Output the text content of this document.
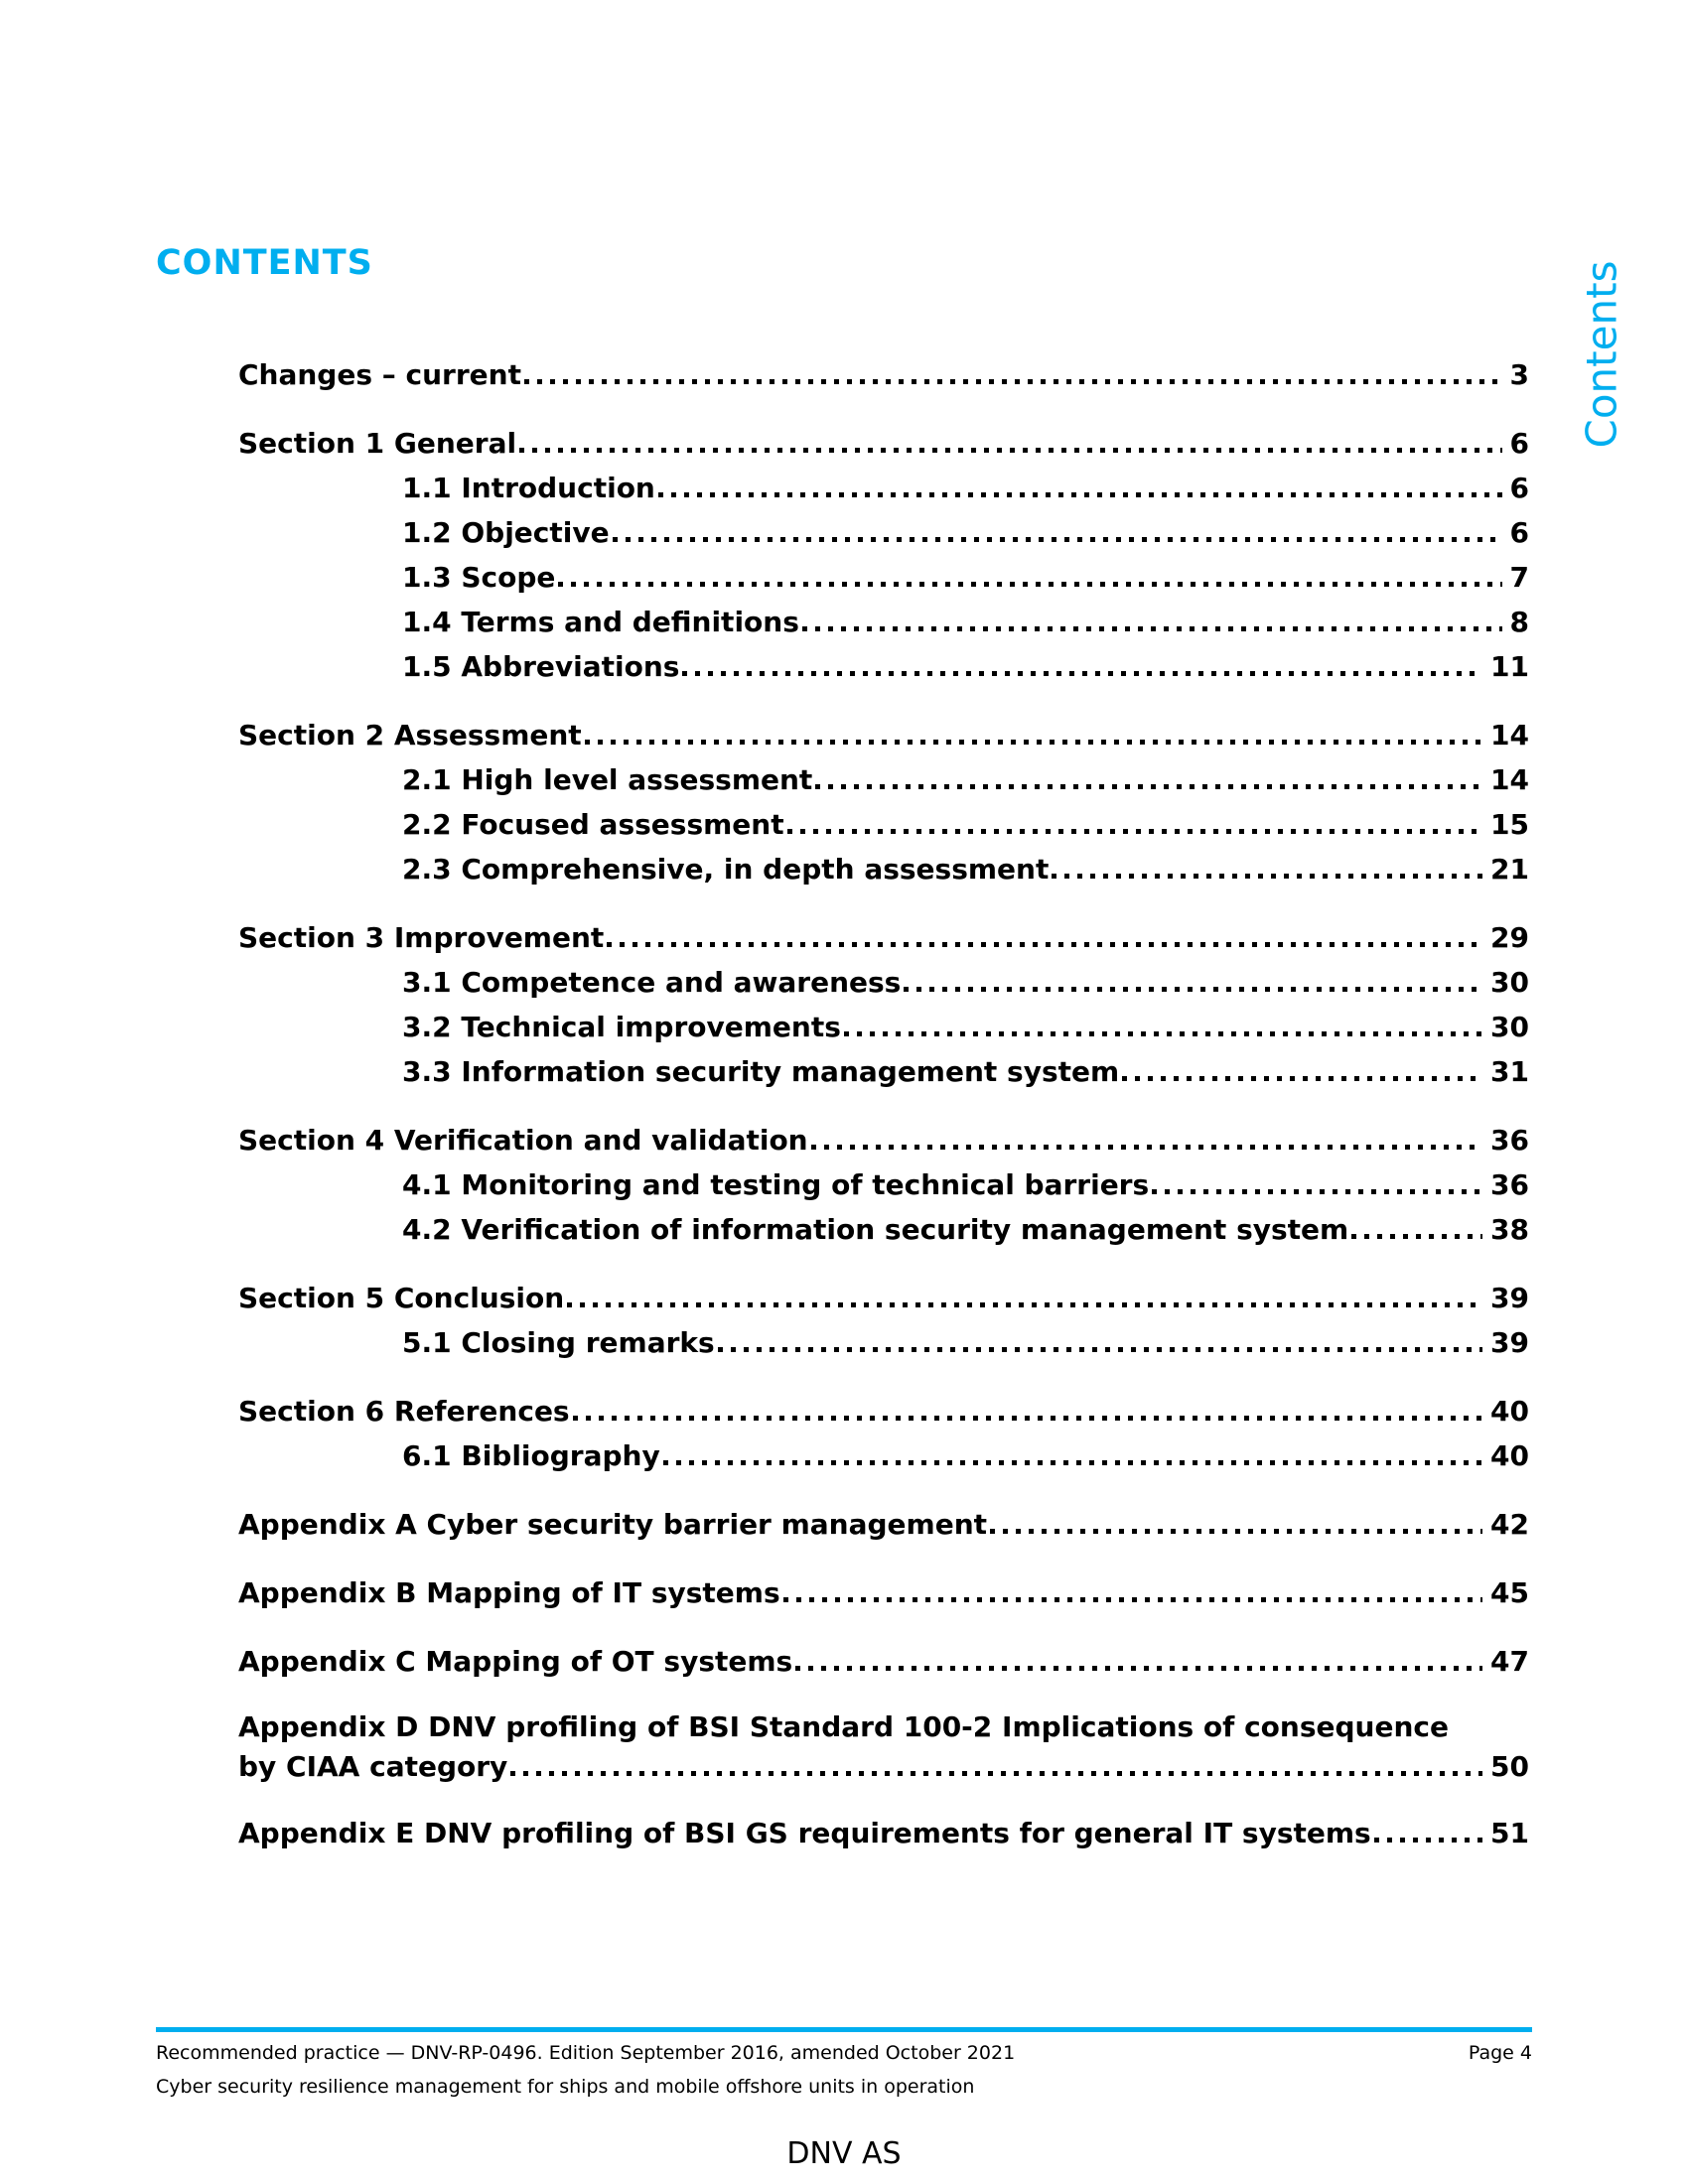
CONTENTS	Contents
Changes – current	3
Section 1 General	6
1.1 Introduction	6
1.2 Objective	6
1.3 Scope	7
1.4 Terms and definitions	8
1.5 Abbreviations	11
Section 2 Assessment	14
2.1 High level assessment	14
2.2 Focused assessment	15
2.3 Comprehensive, in depth assessment	21
Section 3 Improvement	29
3.1 Competence and awareness	30
3.2 Technical improvements	30
3.3 Information security management system	31
Section 4 Verification and validation	36
4.1 Monitoring and testing of technical barriers	36
4.2 Verification of information security management system	38
Section 5 Conclusion	39
5.1 Closing remarks	39
Section 6 References	40
6.1 Bibliography	40
Appendix A Cyber security barrier management	42
Appendix B Mapping of IT systems	45
Appendix C Mapping of OT systems	47
Appendix D DNV profiling of BSI Standard 100-2 Implications of consequence
by CIAA category	50
Appendix E DNV profiling of BSI GS requirements for general IT systems	51
Recommended practice — DNV-RP-0496. Edition September 2016, amended October 2021	Page 4
Cyber security resilience management for ships and mobile offshore units in operation
DNV AS
